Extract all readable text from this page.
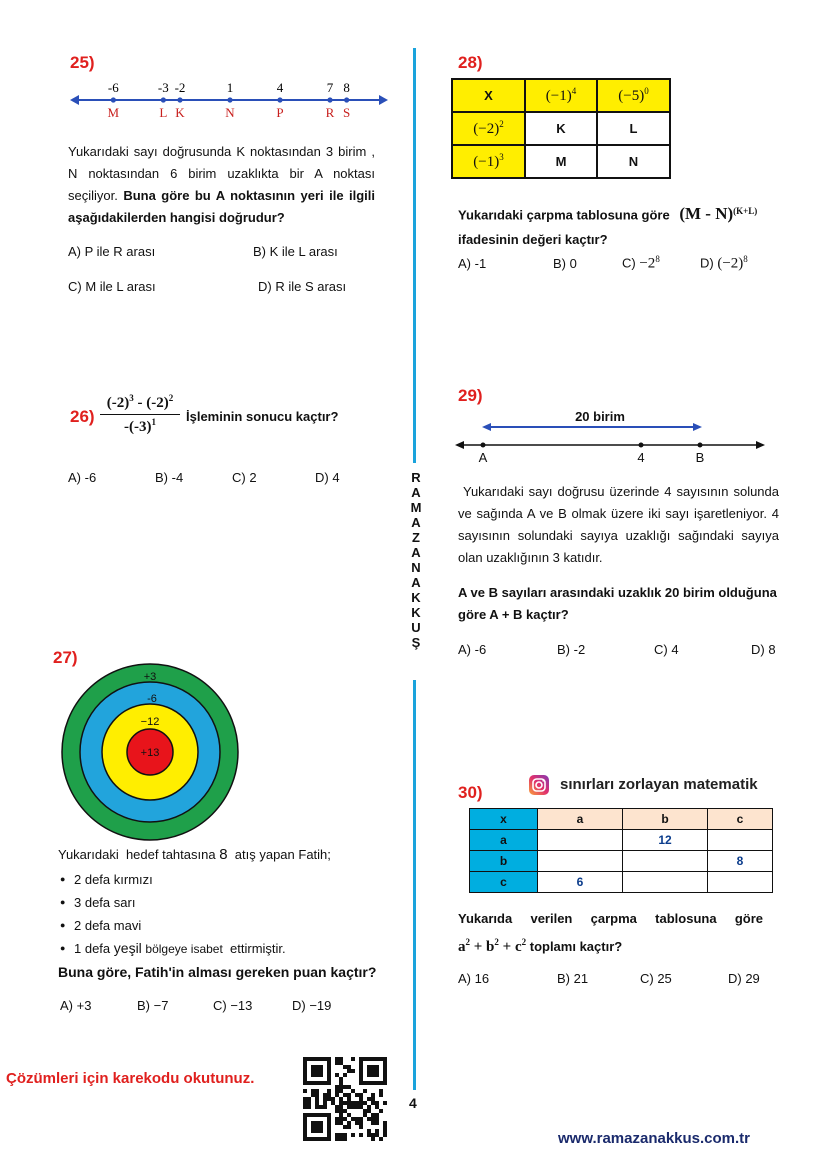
R
A
M
A
Z
A
N
A
K
K
U
Ş
25)
-6
M
-3
L
-2
K
1
N
4
P
7
R
8
S
Yukarıdaki sayı doğrusunda K noktasından 3 birim , N noktasından 6 birim uzaklıkta bir A noktası seçiliyor. Buna göre bu A noktasının yeri ile ilgili aşağıdakilerden hangisi doğrudur?
A) P ile R arası	B) K ile L arası
C) M ile L arası	D) R ile S arası
$26) \frac{(-2)^3 - (-2)^2}{-(-3)^1}$ İşleminin sonucu kaçtır?
A) -6	B) -4	C) 2	D) 4
27)
+3
-6
−12
+13
Yukarıdaki hedef tahtasına 8 atış yapan Fatih;
● 2 defa kırmızı
● 3 defa sarı
● 2 defa mavi
● 1 defa yeşil bölgeye isabet ettirmiştir.
Buna göre, Fatih'in alması gereken puan kaçtır?
A) +3	B) −7	C) −13	D) −19
Çözümleri için karekodu okutunuz.
4
www.ramazanakkus.com.tr
28)
X	$(-1)^4$	$(-5)^0$
$(-2)^2$	K	L
$(-1)^3$	M	N
Yukarıdaki çarpma tablosuna göre (M - N)$^{(K+L)}$
ifadesinin değeri kaçtır?
A) -1	B) 0	$C) -2^8$	D) $(-2)^8$
29)
20 birim
A	4	B
Yukarıdaki sayı doğrusu üzerinde 4 sayısının solunda ve sağında A ve B olmak üzere iki sayı işaretleniyor. 4 sayısının solundaki sayıya uzaklığı sağındaki sayıya olan uzaklığının 3 katıdır.
A ve B sayıları arasındaki uzaklık 20 birim olduğuna göre A + B kaçtır?
A) -6	B) -2	C) 4	D) 8
30)	sınırları zorlayan matematik
x	a	b	c
a		12	
b			8
c	6		
Yukarıda verilen çarpma tablosuna göre
$a^2 + b^2 + c^2$ toplamı kaçtır?
A) 16	B) 21	C) 25	D) 29
